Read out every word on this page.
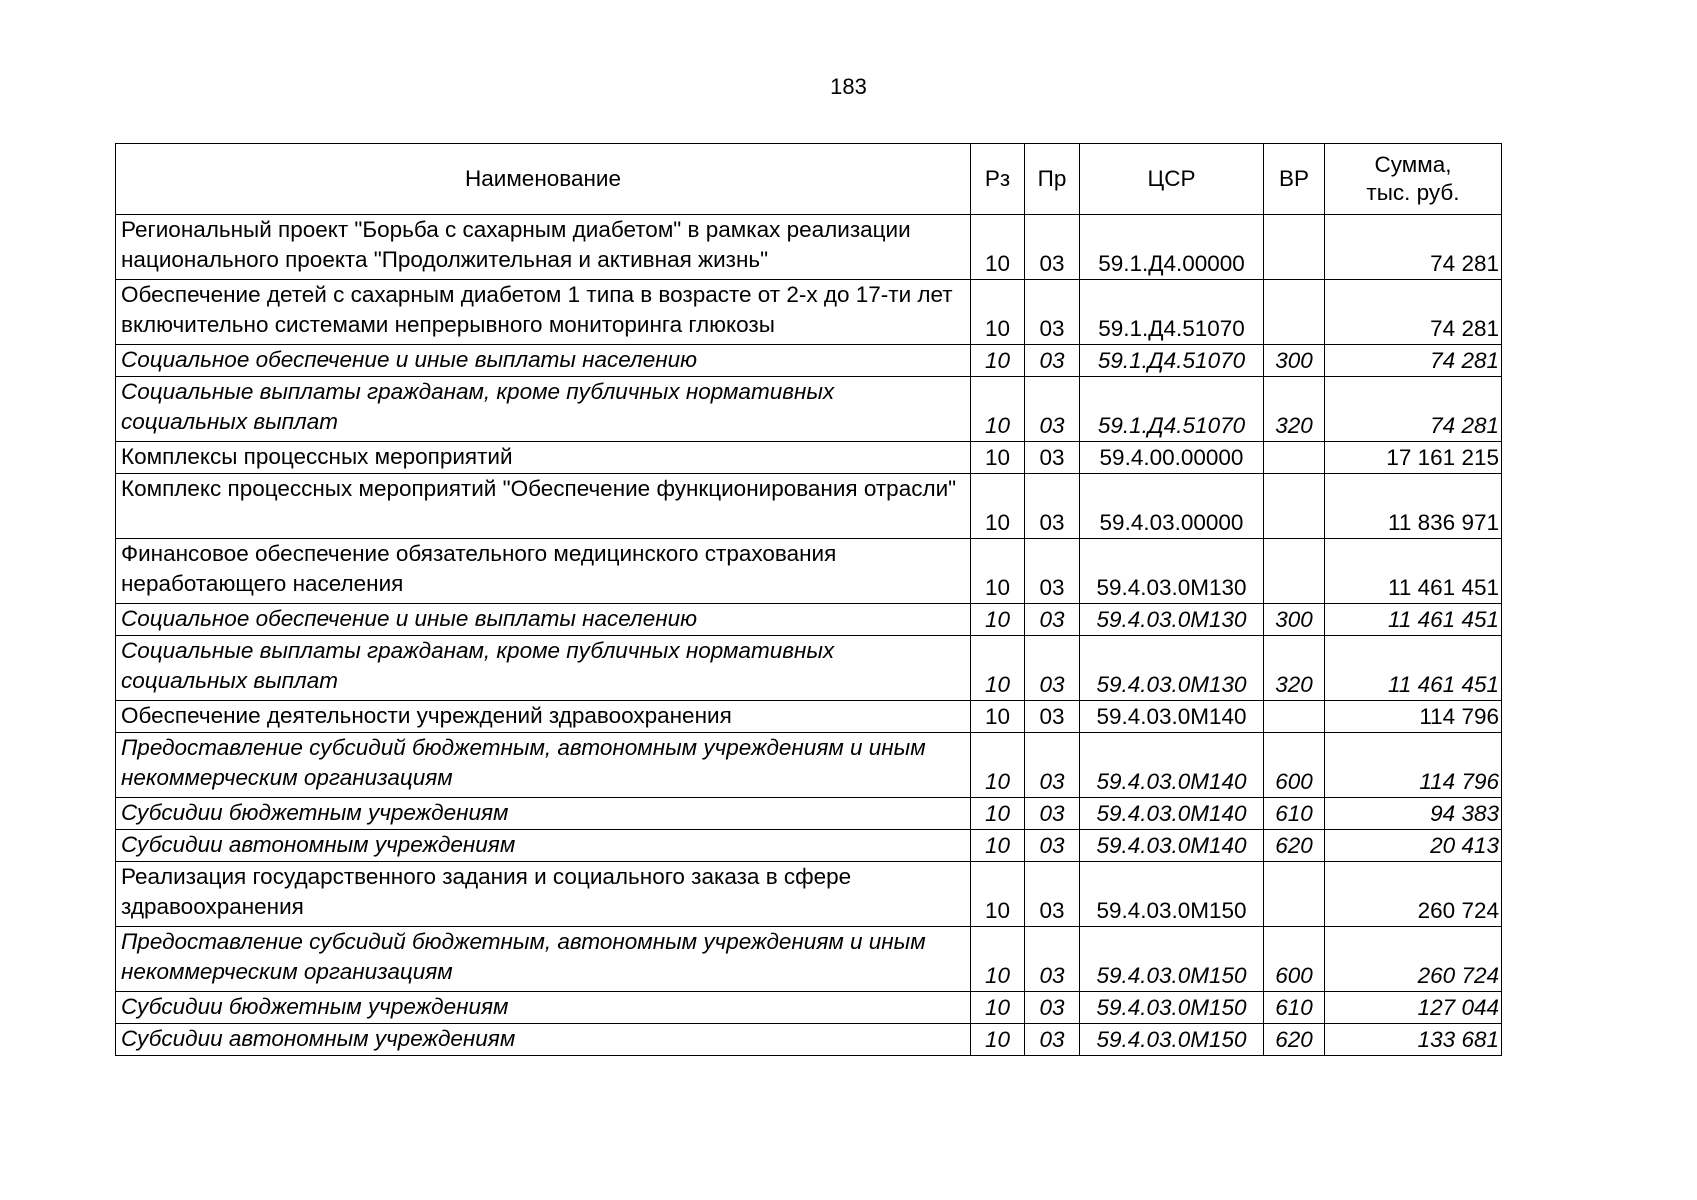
183
Наименование	Рз	Пр	ЦСР	ВР	Сумма,
тыс. руб.

Региональный проект "Борьба с сахарным диабетом" в рамках реализации национального проекта "Продолжительная и активная жизнь"	10	03	59.1.Д4.00000		74 281
Обеспечение детей с сахарным диабетом 1 типа в возрасте от 2-х до 17-ти лет включительно системами непрерывного мониторинга глюкозы	10	03	59.1.Д4.51070		74 281
Социальное обеспечение и иные выплаты населению	10	03	59.1.Д4.51070	300	74 281
Социальные выплаты гражданам, кроме публичных нормативных социальных выплат	10	03	59.1.Д4.51070	320	74 281
Комплексы процессных мероприятий	10	03	59.4.00.00000		17 161 215
Комплекс процессных мероприятий "Обеспечение функционирования отрасли"	10	03	59.4.03.00000		11 836 971
Финансовое обеспечение обязательного медицинского страхования неработающего населения	10	03	59.4.03.0М130		11 461 451
Социальное обеспечение и иные выплаты населению	10	03	59.4.03.0М130	300	11 461 451
Социальные выплаты гражданам, кроме публичных нормативных социальных выплат	10	03	59.4.03.0М130	320	11 461 451
Обеспечение деятельности учреждений здравоохранения	10	03	59.4.03.0М140		114 796
Предоставление субсидий бюджетным, автономным учреждениям и иным некоммерческим организациям	10	03	59.4.03.0М140	600	114 796
Субсидии бюджетным учреждениям	10	03	59.4.03.0М140	610	94 383
Субсидии автономным учреждениям	10	03	59.4.03.0М140	620	20 413
Реализация государственного задания и социального заказа в сфере здравоохранения	10	03	59.4.03.0М150		260 724
Предоставление субсидий бюджетным, автономным учреждениям и иным некоммерческим организациям	10	03	59.4.03.0М150	600	260 724
Субсидии бюджетным учреждениям	10	03	59.4.03.0М150	610	127 044
Субсидии автономным учреждениям	10	03	59.4.03.0М150	620	133 681
